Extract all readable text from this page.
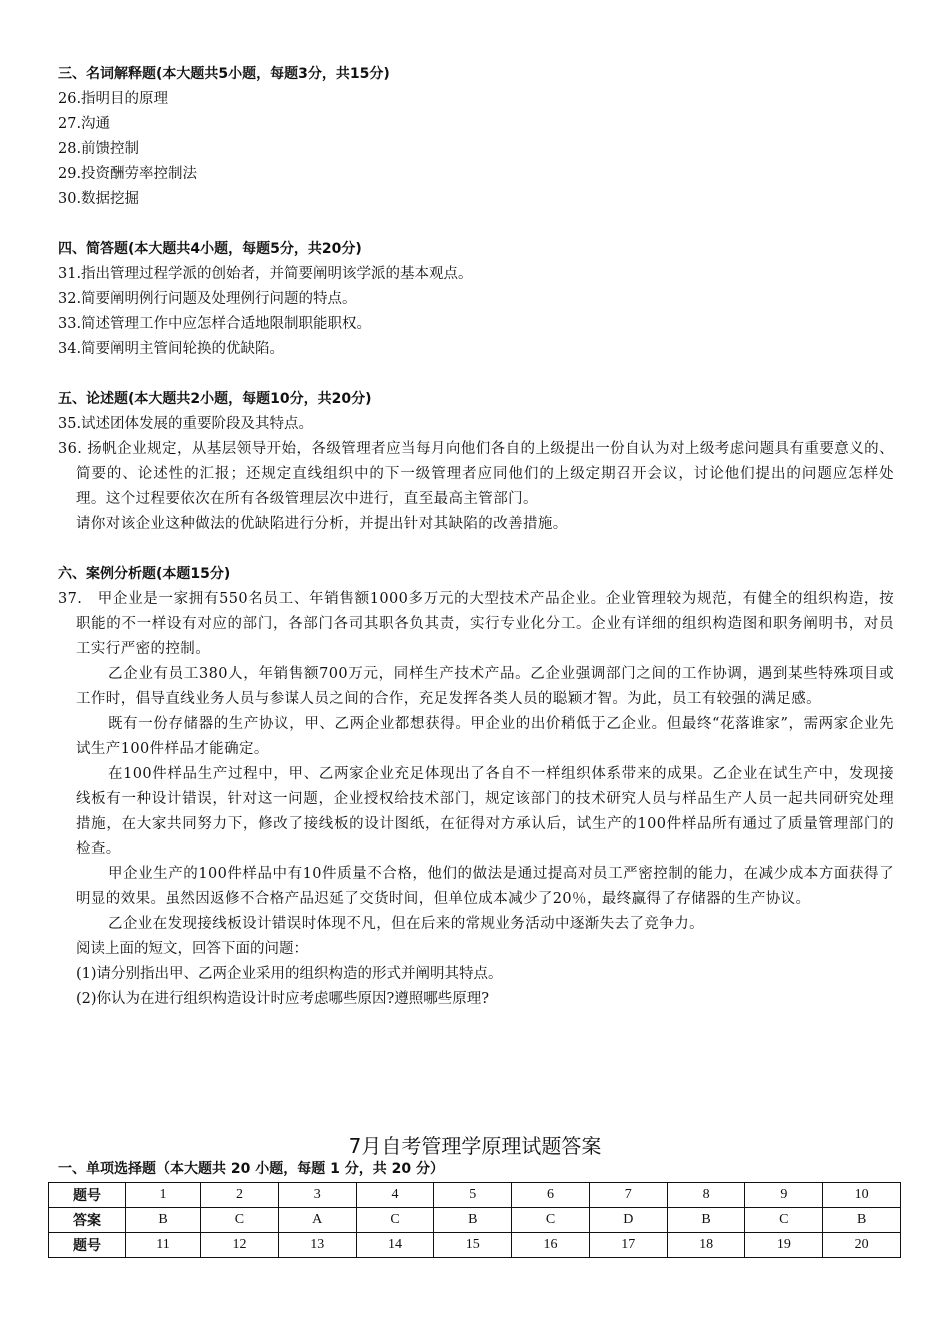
三、名词解释题(本大题共5小题，每题3分，共15分)
26.指明目的原理
27.沟通
28.前馈控制
29.投资酬劳率控制法
30.数据挖掘
四、简答题(本大题共4小题，每题5分，共20分)
31.指出管理过程学派的创始者，并简要阐明该学派的基本观点。
32.简要阐明例行问题及处理例行问题的特点。
33.简述管理工作中应怎样合适地限制职能职权。
34.简要阐明主管间轮换的优缺陷。
五、论述题(本大题共2小题，每题10分，共20分)
35.试述团体发展的重要阶段及其特点。
36. 扬帆企业规定，从基层领导开始，各级管理者应当每月向他们各自的上级提出一份自认为对上级考虑问题具有重要意义的、简要的、论述性的汇报；还规定直线组织中的下一级管理者应同他们的上级定期召开会议，讨论他们提出的问题应怎样处理。这个过程要依次在所有各级管理层次中进行，直至最高主管部门。
请你对该企业这种做法的优缺陷进行分析，并提出针对其缺陷的改善措施。
六、案例分析题(本题15分)
37.　甲企业是一家拥有550名员工、年销售额1000多万元的大型技术产品企业。企业管理较为规范，有健全的组织构造，按职能的不一样设有对应的部门，各部门各司其职各负其责，实行专业化分工。企业有详细的组织构造图和职务阐明书，对员工实行严密的控制。
乙企业有员工380人，年销售额700万元，同样生产技术产品。乙企业强调部门之间的工作协调，遇到某些特殊项目或工作时，倡导直线业务人员与参谋人员之间的合作，充足发挥各类人员的聪颖才智。为此，员工有较强的满足感。
既有一份存储器的生产协议，甲、乙两企业都想获得。甲企业的出价稍低于乙企业。但最终“花落谁家”，需两家企业先试生产100件样品才能确定。
在100件样品生产过程中，甲、乙两家企业充足体现出了各自不一样组织体系带来的成果。乙企业在试生产中，发现接线板有一种设计错误，针对这一问题，企业授权给技术部门，规定该部门的技术研究人员与样品生产人员一起共同研究处理措施，在大家共同努力下，修改了接线板的设计图纸，在征得对方承认后，试生产的100件样品所有通过了质量管理部门的检查。
甲企业生产的100件样品中有10件质量不合格，他们的做法是通过提高对员工严密控制的能力，在减少成本方面获得了明显的效果。虽然因返修不合格产品迟延了交货时间，但单位成本减少了20％，最终赢得了存储器的生产协议。
乙企业在发现接线板设计错误时体现不凡，但在后来的常规业务活动中逐渐失去了竞争力。
阅读上面的短文，回答下面的问题：
(1)请分别指出甲、乙两企业采用的组织构造的形式并阐明其特点。
(2)你认为在进行组织构造设计时应考虑哪些原因?遵照哪些原理?
7月自考管理学原理试题答案
一、单项选择题（本大题共 20 小题，每题 1 分，共 20 分）
题号	1	2	3	4	5	6	7	8	9	10
答案	B	C	A	C	B	C	D	B	C	B
题号	11	12	13	14	15	16	17	18	19	20
